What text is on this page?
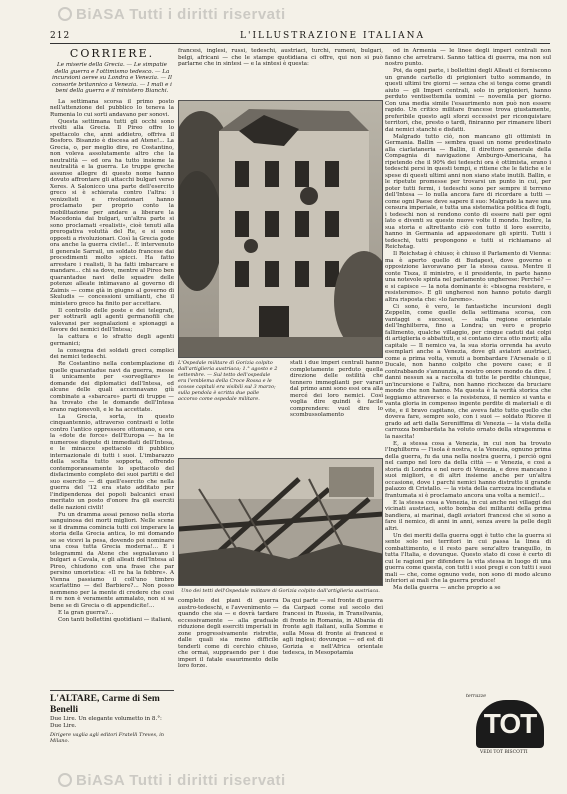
BiASA Tutti i diritti riservati
212	L'ILLUSTRAZIONE ITALIANA
CORRIERE.
Le miserie della Grecia. — Le simpatie della guerra e l'ottimismo tedesco. — La incursioni aeree su Londra e Venezia. — Il consorte britannico a Venezia. — I mali e i beni della guerra e il ministero Bianchi.

La settimana scorsa il primo posto nell'attenzione del pubblico lo teneva la Rumenia lo cui sorti andavano per sonovi.

Questa settimana tutti gli occhi sono rivolti alla Grecia. Il Pireo offre lo spettacolo che, anni addietro, offriva il Bosforo. Bisanzio è discesa ad Atene!... La Grecia, o, per meglio dire, re Costantino, non voleva assolutamente altro che la neutralità — ed ora ha tutto insieme la neutralità e la guerra. Le truppe greche assunse allegre di questo nome hanno dovuto affrontare gli attacchi bulgari verso Xeres. A Salonicco una parte dell'esercito greco si è schierata contro l'altra: i venizelisti e rivoluzionari hanno proclamato per proprio conto la mobilitazione per andare a liberare la Macedonia dai bulgari, un'altra parte si sono proclamati «realisti», cioè tenuti alla prerogativa voluttà del Re, e si sono opposti a rivoluzionari. Così la Grecia gode ora anche la guerra civile!... È intervenuto il generale Sarrail, un soldato francese dai procedimenti molto spicci. Ha fatto arrestare i realisti, li ha fatti imbarcare e mandare... chi sa dove, mentre al Pireo ben quarantadue navi delle squadre delle potenze alleate intimavano al governo di Zaimis — come già in giugno al governo di Skuludis — concessioni umilianti, che il ministero greco ha finito per accettare.

Il controllo delle poste e dei telegrafi, per sottrarli agli agenti germanofili che valevansi per segnalazioni e spionaggi a favore dei nemici dell'Intesa;

la cattura e lo sfratto degli agenti germanici;

la consegna dei soldati greci complici dei nemici tedeschi.

Re Costantino nella contemplazione di quelle quarantadue navi da guerra, messe lì unicamente per «sorvegliare» le domande dei diplomatici dell'Intesa, ed alcune delle quali accennavano giù combinate a «sbarcare» parti di truppe — ha trovato che le domande dell'Intesa erano ragionevoli, e le ha accettate.

La Grecia, sorta, in questo cinquantennio, attraverso contrasti e lotte contro l'antico oppressore ottomano, e ora la «dote de force» dell'Europa — ha le numerose dispute di immediati dell'Intesa, e le minacce spettacolo di pubblico internazionale di tutti i suoi. L'imbarazzo della scelta tutto sopporta, offrendo contemporaneamente lo spettacolo del disfacimento completo dei suoi partiti e del suo esercito — di quell'esercito che nella guerra del '12 era stato additato per l'indipendenza dei popoli balcanici erasi meritato un posto d'onore fra gli eserciti delle nazioni civili!

Fu un dramma assai penoso nella storia sanguinosa dei morti migliori. Nelle scene se il dramma comincia tutti coi imperare la storia della Grecia antica, lo mi domando se se vicevi la pesa, dovendo poi nominare una cosa tutta Grecia moderna!... E i telegrammi da Atene che segnalavano i bulgari a Cavala, e gli alleati dell'Intesa al Pireo, chiudono con una frase che par persino umoristica: «Il re ha la febbre». A Vienna passiamo il coll'uno timbro scarlattino — del Barbiere?... Non posso nemmeno per la mente di credere che cosi il re non è veramente ammalato, non si sa bene se di Grecia o di appendicite!...

E la gran guerra?...

Con tanti bollettini quotidiani — italiani,

francesi, inglesi, russi, tedeschi, austriaci, turchi, rumeni, bulgari, belgi, africani — che le stampe quotidiana ci offre, qui non si può parlarne che in sintesi — e la sintesi è questa:
L'Ospedale militare di Gorizia colpito dall'artiglieria austriaca; 1.° agosto e 2 settembre. — Sul tetto dell'ospedale era l'emblema della Croce Rossa e le scosse capitali era visibili sul 3 marzo; sulla pendola è scritta due palle accorso come ospedale militare.
stati i due imperi centrali hanno completamente perduto quella direzione delle ostilità che tennero immeglianti per varari dal primo anni sono essi ora alla mercé dei loro nemici. Così voglia dire quindi è facile comprendere: vuol dire lo scombussolamento
Uno dei tetti dell'Ospedale militare di Gorizia colpito dall'artiglieria austriaca.
completo dei piani di guerra austro-tedeschi, e l'avvenimento — quando che sia — e dovrà tardare eccessivamente — alla graduale riduzione degli eserciti imperiali in zone progressivamente ristrette, dalle quali sia meno difficile tenderli come di cerchio chiuso, che ormai, suppraendo per i due imperi il fatale esaurimento delle loro forze.
Da qui parte — sul fronte di guerra da Carpazi come sul secolo dei francesi in Russia, in Transilvania, di fronte in Romania, in Albania di fronte agli italiani, sulla Somme e sulla Mosa di fronte ai francesi e agli inglesi; dovunque — ed est di Gorizia e nell'Africa orientale tedesca, in Mesopotamia

od in Armenia — le linee degli imperi centrali non fanno che arretrarsi. Sanno tattica di guerra, ma non sul nostro punto.

Poi, da ogni parte, i bollettini degli Alleati ci forniscono un grande cartello di prigionieri tutto sommando, in questi ultimi tre giorni — senza che si tenga come grandi aiuto — gli Imperi centrali, solo in prigionieri, hanno perduto ventisettemila uomini — novemila per giorno. Con una media simile l'esaurimento non può non essere rapido. Un critico militare francese trova giustamente, preferibile questo agli sforzi eccessivi per riconquistare territori, che, presto o tardi, finiranno per rimanere liberi dai nemici stanchi e disfatti.

Malgrado tutto ciò, non mancano gli ottimisti in Germania. Ballin — sembra quasi un nome predestinato alla ciarlataneria — Ballin, il direttore generale della Compagnia di navigazione Amburgo-Americana, ha ripetendo che il 90% dei tedeschi ora è ottimista, erano i tedeschi persi in questi tempi, e ritiene che le fatiche e le spese di questi ultimi anni non siano state inutili. Ballin, e le ripetute promesse per trovarsi un punto in cui, per poter tutti fermi, i tedeschi sono per sempre il terreno dell'Intesa — lo nulla ancora fare di ricordare a tutti — come ogni Paese deve sapere il suo: Malgrado la nave una censura imperiale, e tutta una sistematica politica di fogli, i tedeschi non si rendono conto di essere nati per ogni lato e diventi su queste nuove volte il mondo. Inoltre, la sua storia e altrettanto ciò con tutto il loro esercito, hanno in Germania ad appassionare gli spiriti. Tutti i tedeschi, tutti propongono e tutti si richiamano al Reichstag.

Il Reichstag è chiuso; è chiuso il Parlamento di Vienna: ma è aperto quello di Budapest, dove governo e opposizione lavoravano per la stessa causa. Mentre il conte Tisza, il ministro, e il presidente, in parte hanno una notevole spinta nel parlamento ungherese: Perché? — e si capisce — la nota dominante è: «bisogna resistere, e resisteremo». E gli ungheresi non hanno potuto dargli altra risposta che: «lo faremo».

Ci sono, è vero, le fantastiche incursioni degli Zeppelin, come quelle della settimana scorsa, con vantaggi e successi, — sulla regione orientale dell'Inghilterra, fino a Londra; un vero e proprio fallimento, qualche villaggio, per cinque caduti dai colpi di artiglieria o abbattuti, e si contano circa otto morti; alla capitale — Il nemico va, la sua storia orrenda ha avuto esemplari anche a Venezia, dove gli aviatori austriaci, come a prima volta, venuti a bombardare l'Arsenale o il Ducale, non hanno colpito che povere case; e il contrabbando s'annunzia, a nostro onore mondo da dire. I danni nessun sa a raccolta di tutte le perdite chiunque, un'incursione e l'altra, non hanno ricchezze da bruciare mondo che non hanno. Ma questa è la verità storica che leggiamo attraverso: e la resistenza, il nemico si vanta e vanta gloria in compenso ingente perdite di materiali e di vite, e il bravo capitano, che aveva fatto tutto quello che doveva fare, sempre solo, con i suoi — soldato Riceve il grado ad arti dalla Sereniffima di Venezia — la vista della carrozza bombardata ha voluto ornato della stragemma e la nascita!

E, a stessa cosa a Venezia, in cui non ha trovato l'Inghilterra — l'isola è nostra, e la Venezia, ognuno prima della guerra, fu da una nella nostra guerra, i perciò ogni nel campo nel loro da della città — e Venezia, e così a storia di Londra e nel nero di Venezia, e dove mancano i suoi migliori, e di altri insieme anche per un'altra occasione, dove i parchi nemici hanno distrutto il grande palazzo di Cristallo. — la vista della carrozza incendiata e frantumata si è proclamato ancora una volta a nemici!...

E la stessa cosa a Venezia, in cui anche nei villaggi dei vicinati austriaci, sotto bomba dei militanti della prima bandiera, ai marinai, dagli aviatori francesi che si sono a fare il nemico, di anni in anni, senza avere la pelle degli altri.

Un dei meriti della guerra oggi è tutto che la guerra si sente solo nei territori in cui passa la linea di combattimento, e il resto pare senz'altro tranquillo, in tutta l'Italia, e dovunque. Questo stato di cose è certo di cui le ragioni per difendere la vita stessa in luogo di una guerra come questa, con tutti i suoi pregi e con tutti i suoi mali — che, come ognuno vede, non sono di modo alcuno inferiori ai mali che la guerra produce!

Ma della guerra — anche proprio a se

L'ALTARE, Carme di Sem Benelli
Due Lire. Un elegante volumetto in 8.°: Due Lire.
Dirigere vaglia agli editori Fratelli Treves, in Milano.
terrazze
TOT
VEDI TOT BISCOTTI
BiASA Tutti i diritti riservati
